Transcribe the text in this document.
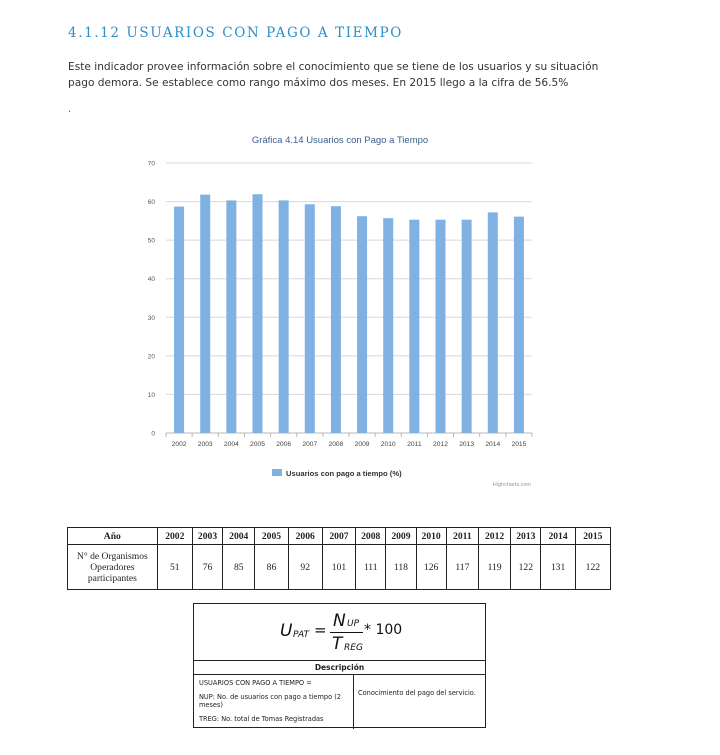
4.1.12 USUARIOS CON PAGO A TIEMPO
Este indicador provee información sobre el conocimiento que se tiene de los usuarios y su situación pago demora. Se establece como rango máximo dos meses. En 2015 llego a la cifra de 56.5%
.
Gráfica 4.14 Usuarios con Pago a Tiempo
0
10
20
30
40
50
60
70
2002 2003 2004 2005 2006 2007 2008 2009 2010 2011 2012 2013 2014 2015
Usuarios con pago a tiempo (%)
Highcharts.com
Año	2002	2003	2004	2005	2006	2007	2008	2009	2010	2011	2012	2013	2014	2015

N° de Organismos
Operadores
participantes	51	76	85	86	92	101	111	118	126	117	119	122	131	122
U PAT = N UP
T REG
* 100
Descripción

USUARIOS CON PAGO A TIEMPO =

NUP: No. de usuarios con pago a tiempo (2 meses)

TREG: No. total de Tomas Registradas

Conocimiento del pago del servicio.
